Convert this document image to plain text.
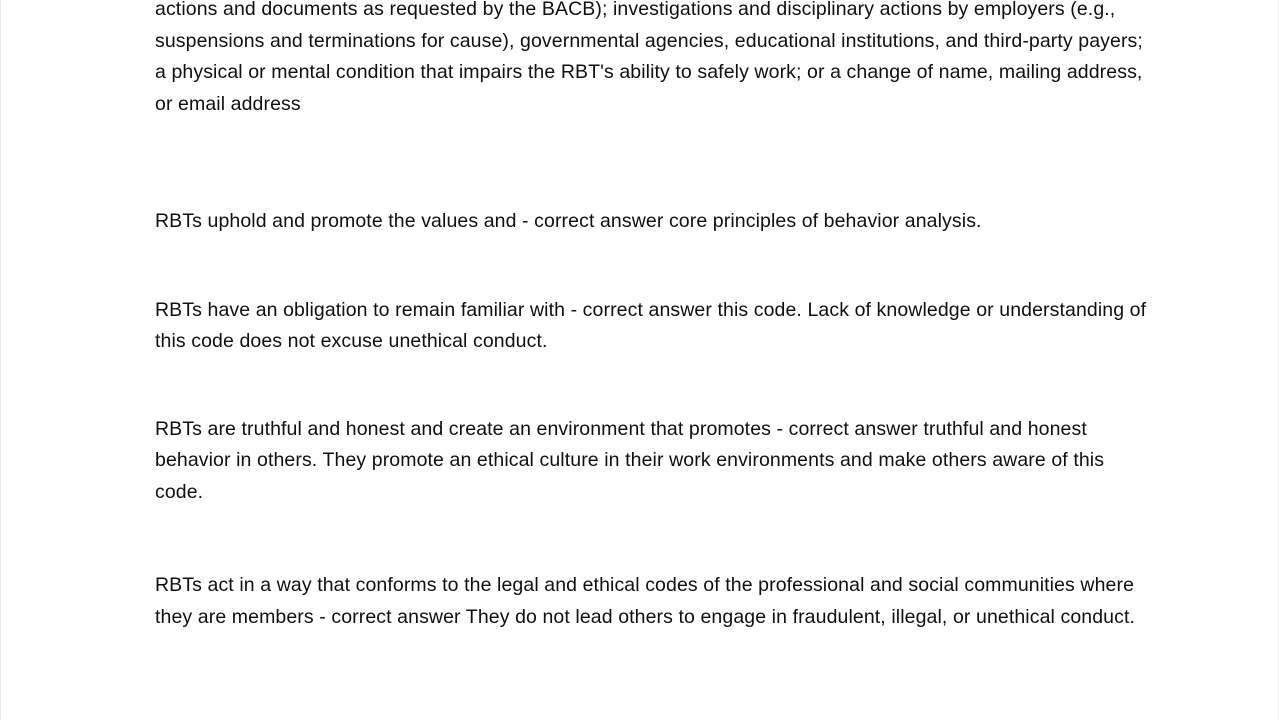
actions and documents as requested by the BACB); investigations and disciplinary actions by employers (e.g., suspensions and terminations for cause), governmental agencies, educational institutions, and third-party payers; a physical or mental condition that impairs the RBT's ability to safely work; or a change of name, mailing address, or email address

RBTs uphold and promote the values and - correct answer core principles of behavior analysis.

RBTs have an obligation to remain familiar with - correct answer this code. Lack of knowledge or understanding of this code does not excuse unethical conduct.

RBTs are truthful and honest and create an environment that promotes - correct answer truthful and honest behavior in others. They promote an ethical culture in their work environments and make others aware of this code.

RBTs act in a way that conforms to the legal and ethical codes of the professional and social communities where they are members - correct answer They do not lead others to engage in fraudulent, illegal, or unethical conduct.
